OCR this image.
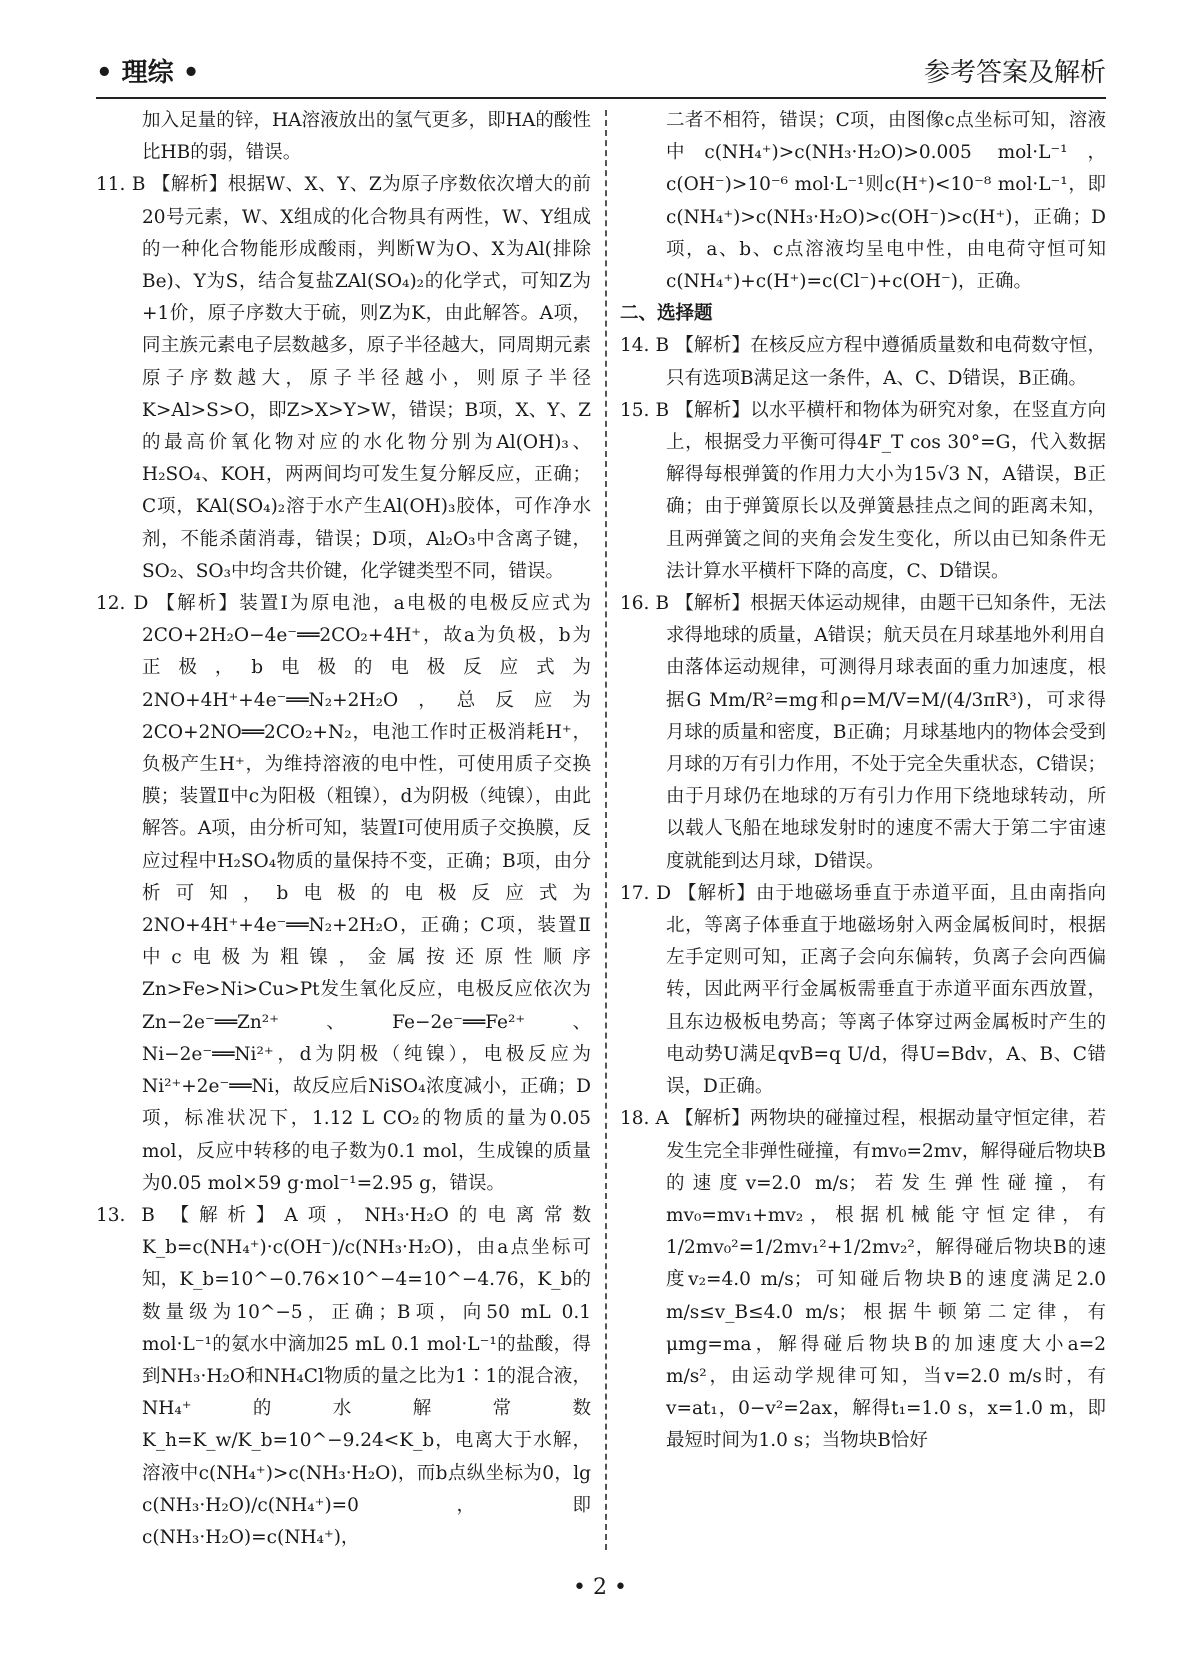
• 理综 •	参考答案及解析

加入足量的锌，HA溶液放出的氢气更多，即HA的酸性比HB的弱，错误。

11. B 【解析】根据W、X、Y、Z为原子序数依次增大的前20号元素，W、X组成的化合物具有两性，W、Y组成的一种化合物能形成酸雨，判断W为O、X为Al(排除Be)、Y为S，结合复盐ZAl(SO₄)₂的化学式，可知Z为+1价，原子序数大于硫，则Z为K，由此解答。A项，同主族元素电子层数越多，原子半径越大，同周期元素原子序数越大，原子半径越小，则原子半径K>Al>S>O，即Z>X>Y>W，错误；B项，X、Y、Z的最高价氧化物对应的水化物分别为Al(OH)₃、H₂SO₄、KOH，两两间均可发生复分解反应，正确；C项，KAl(SO₄)₂溶于水产生Al(OH)₃胶体，可作净水剂，不能杀菌消毒，错误；D项，Al₂O₃中含离子键，SO₂、SO₃中均含共价键，化学键类型不同，错误。

12. D 【解析】装置Ⅰ为原电池，a电极的电极反应式为2CO+2H₂O−4e⁻══2CO₂+4H⁺，故a为负极，b为正极，b电极的电极反应式为2NO+4H⁺+4e⁻══N₂+2H₂O，总反应为2CO+2NO══2CO₂+N₂，电池工作时正极消耗H⁺，负极产生H⁺，为维持溶液的电中性，可使用质子交换膜；装置Ⅱ中c为阳极（粗镍），d为阴极（纯镍），由此解答。A项，由分析可知，装置Ⅰ可使用质子交换膜，反应过程中H₂SO₄物质的量保持不变，正确；B项，由分析可知，b电极的电极反应式为2NO+4H⁺+4e⁻══N₂+2H₂O，正确；C项，装置Ⅱ中c电极为粗镍，金属按还原性顺序Zn>Fe>Ni>Cu>Pt发生氧化反应，电极反应依次为Zn−2e⁻══Zn²⁺、Fe−2e⁻══Fe²⁺、Ni−2e⁻══Ni²⁺，d为阴极（纯镍），电极反应为Ni²⁺+2e⁻══Ni，故反应后NiSO₄浓度减小，正确；D项，标准状况下，1.12 L CO₂的物质的量为0.05 mol，反应中转移的电子数为0.1 mol，生成镍的质量为0.05 mol×59 g·mol⁻¹=2.95 g，错误。

13. B 【解析】A项，NH₃·H₂O的电离常数K_b=c(NH₄⁺)·c(OH⁻)/c(NH₃·H₂O)，由a点坐标可知，K_b=10^−0.76×10^−4=10^−4.76，K_b的数量级为10^−5，正确；B项，向50 mL 0.1 mol·L⁻¹的氨水中滴加25 mL 0.1 mol·L⁻¹的盐酸，得到NH₃·H₂O和NH₄Cl物质的量之比为1∶1的混合液，NH₄⁺的水解常数K_h=K_w/K_b=10^−9.24<K_b，电离大于水解，溶液中c(NH₄⁺)>c(NH₃·H₂O)，而b点纵坐标为0，lg c(NH₃·H₂O)/c(NH₄⁺)=0，即c(NH₃·H₂O)=c(NH₄⁺)，

二者不相符，错误；C项，由图像c点坐标可知，溶液中c(NH₄⁺)>c(NH₃·H₂O)>0.005 mol·L⁻¹，c(OH⁻)>10⁻⁶ mol·L⁻¹则c(H⁺)<10⁻⁸ mol·L⁻¹，即c(NH₄⁺)>c(NH₃·H₂O)>c(OH⁻)>c(H⁺)，正确；D项，a、b、c点溶液均呈电中性，由电荷守恒可知c(NH₄⁺)+c(H⁺)=c(Cl⁻)+c(OH⁻)，正确。

二、选择题

14. B 【解析】在核反应方程中遵循质量数和电荷数守恒，只有选项B满足这一条件，A、C、D错误，B正确。

15. B 【解析】以水平横杆和物体为研究对象，在竖直方向上，根据受力平衡可得4F_T cos 30°=G，代入数据解得每根弹簧的作用力大小为15√3 N，A错误，B正确；由于弹簧原长以及弹簧悬挂点之间的距离未知，且两弹簧之间的夹角会发生变化，所以由已知条件无法计算水平横杆下降的高度，C、D错误。

16. B 【解析】根据天体运动规律，由题干已知条件，无法求得地球的质量，A错误；航天员在月球基地外利用自由落体运动规律，可测得月球表面的重力加速度，根据G Mm/R²=mg和ρ=M/V=M/(4/3πR³)，可求得月球的质量和密度，B正确；月球基地内的物体会受到月球的万有引力作用，不处于完全失重状态，C错误；由于月球仍在地球的万有引力作用下绕地球转动，所以载人飞船在地球发射时的速度不需大于第二宇宙速度就能到达月球，D错误。

17. D 【解析】由于地磁场垂直于赤道平面，且由南指向北，等离子体垂直于地磁场射入两金属板间时，根据左手定则可知，正离子会向东偏转，负离子会向西偏转，因此两平行金属板需垂直于赤道平面东西放置，且东边极板电势高；等离子体穿过两金属板时产生的电动势U满足qvB=q U/d，得U=Bdv，A、B、C错误，D正确。

18. A 【解析】两物块的碰撞过程，根据动量守恒定律，若发生完全非弹性碰撞，有mv₀=2mv，解得碰后物块B的速度v=2.0 m/s；若发生弹性碰撞，有mv₀=mv₁+mv₂，根据机械能守恒定律，有1/2mv₀²=1/2mv₁²+1/2mv₂²，解得碰后物块B的速度v₂=4.0 m/s；可知碰后物块B的速度满足2.0 m/s≤v_B≤4.0 m/s；根据牛顿第二定律，有μmg=ma，解得碰后物块B的加速度大小a=2 m/s²，由运动学规律可知，当v=2.0 m/s时，有v=at₁，0−v²=2ax，解得t₁=1.0 s，x=1.0 m，即最短时间为1.0 s；当物块B恰好

• 2 •
